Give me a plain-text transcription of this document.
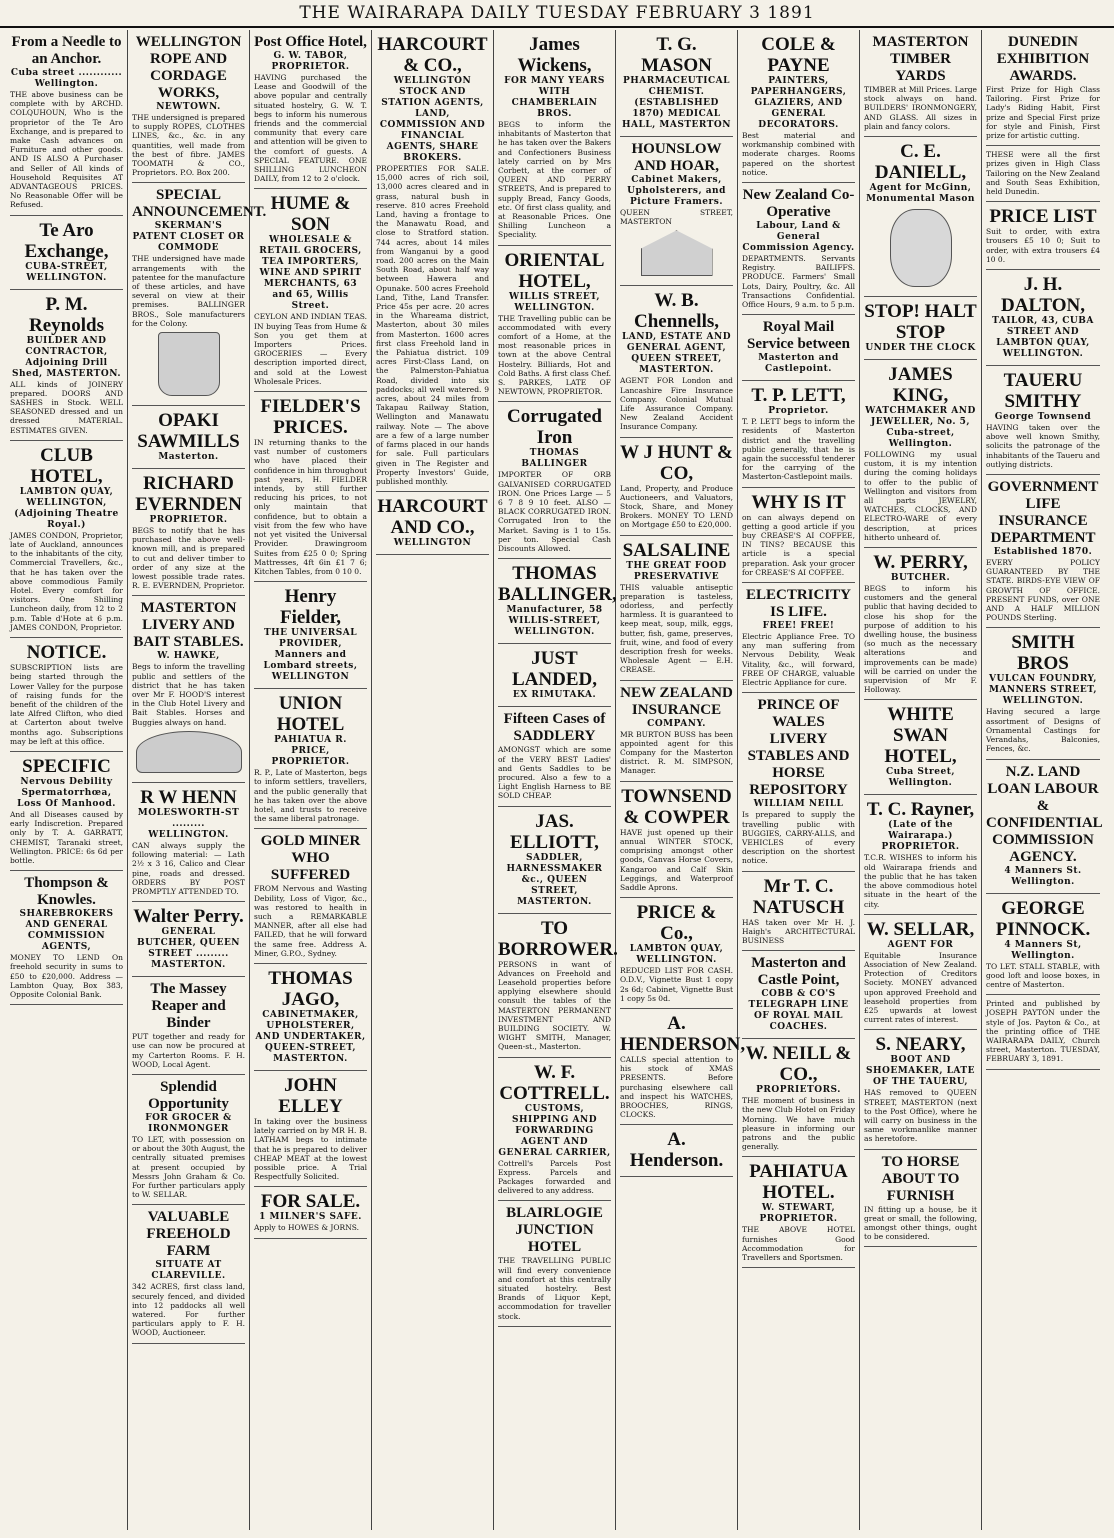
THE WAIRARAPA DAILY TUESDAY FEBRUARY 3 1891
From a Needle to an Anchor.
Cuba street ............ Wellington.
THE above business can be complete with by ARCHD. COLQUHOUN, Who is the proprietor of the Te Aro Exchange, and is prepared to make Cash advances on Furniture and other goods. AND IS ALSO A Purchaser and Seller of All kinds of Household Requisites AT ADVANTAGEOUS PRICES. No Reasonable Offer will be Refused.
Te Aro Exchange,
CUBA-STREET, WELLINGTON.
P. M. Reynolds
BUILDER AND CONTRACTOR, Adjoining Drill Shed, MASTERTON.
ALL kinds of JOINERY prepared. DOORS AND SASHES in Stock. WELL SEASONED dressed and un dressed MATERIAL. ESTIMATES GIVEN.
CLUB HOTEL,
LAMBTON QUAY, WELLINGTON, (Adjoining Theatre Royal.)
JAMES CONDON, Proprietor, late of Auckland, announces to the inhabitants of the city, Commercial Travellers, &c., that he has taken over the above commodious Family Hotel. Every comfort for visitors. One Shilling Luncheon daily, from 12 to 2 p.m. Table d'Hote at 6 p.m. JAMES CONDON, Proprietor.
NOTICE.
SUBSCRIPTION lists are being started through the Lower Valley for the purpose of raising funds for the benefit of the children of the late Alfred Clifton, who died at Carterton about twelve months ago. Subscriptions may be left at this office.
SPECIFIC
Nervous Debility Spermatorrhœa, Loss Of Manhood.
And all Diseases caused by early Indiscretion. Prepared only by T. A. GARRATT, CHEMIST, Taranaki street, Wellington. PRICE: 6s 6d per bottle.
Thompson & Knowles.
SHAREBROKERS AND GENERAL COMMISSION AGENTS,
MONEY TO LEND On freehold security in sums to £50 to £20,000. Address — Lambton Quay, Box 383, Opposite Colonial Bank.
WELLINGTON ROPE AND CORDAGE WORKS,
NEWTOWN.
THE undersigned is prepared to supply ROPES, CLOTHES LINES, &c., &c. in any quantities, well made from the best of fibre. JAMES TOOMATH & CO., Proprietors. P.O. Box 200.
SPECIAL ANNOUNCEMENT.
SKERMAN'S PATENT CLOSET OR COMMODE
THE undersigned have made arrangements with the patentee for the manufacture of these articles, and have several on view at their premises. BALLINGER BROS., Sole manufacturers for the Colony.
OPAKI SAWMILLS
Masterton.
RICHARD EVERNDEN
PROPRIETOR.
BEGS to notify that he has purchased the above well-known mill, and is prepared to cut and deliver timber to order of any size at the lowest possible trade rates. R. E. EVERNDEN, Proprietor.
MASTERTON LIVERY AND BAIT STABLES.
W. HAWKE,
Begs to inform the travelling public and settlers of the district that he has taken over Mr F. HOOD'S interest in the Club Hotel Livery and Bait Stables. Horses and Buggies always on hand.
R W HENN
MOLESWORTH-ST ......... WELLINGTON.
CAN always supply the following material: — Lath 2½ x 3 16, Calico and Clear pine, roads and dressed. ORDERS BY POST PROMPTLY ATTENDED TO.
Walter Perry.
GENERAL BUTCHER, QUEEN STREET ......... MASTERTON.
The Massey Reaper and Binder
PUT together and ready for use can now be procured at my Carterton Rooms. F. H. WOOD, Local Agent.
Splendid Opportunity
FOR GROCER & IRONMONGER
TO LET, with possession on or about the 30th August, the centrally situated premises at present occupied by Messrs John Graham & Co. For further particulars apply to W. SELLAR.
VALUABLE FREEHOLD FARM
SITUATE AT CLAREVILLE.
342 ACRES, first class land, securely fenced, and divided into 12 paddocks all well watered. For further particulars apply to F. H. WOOD, Auctioneer.
Post Office Hotel,
G. W. TABOR, PROPRIETOR.
HAVING purchased the Lease and Goodwill of the above popular and centrally situated hostelry, G. W. T. begs to inform his numerous friends and the commercial community that every care and attention will be given to the comfort of guests. A SPECIAL FEATURE. ONE SHILLING LUNCHEON DAILY, from 12 to 2 o'clock.
HUME & SON
WHOLESALE & RETAIL GROCERS, TEA IMPORTERS, WINE AND SPIRIT MERCHANTS, 63 and 65, Willis Street.
CEYLON AND INDIAN TEAS. IN buying Teas from Hume & Son you get them at Importers Prices. GROCERIES — Every description imported direct, and sold at the Lowest Wholesale Prices.
FIELDER'S PRICES.
IN returning thanks to the vast number of customers who have placed their confidence in him throughout past years, H. FIELDER intends, by still further reducing his prices, to not only maintain that confidence, but to obtain a visit from the few who have not yet visited the Universal Provider. Drawingroom Suites from £25 0 0; Spring Mattresses, 4ft 6in £1 7 6; Kitchen Tables, from 0 10 0.
Henry Fielder,
THE UNIVERSAL PROVIDER, Manners and Lombard streets, WELLINGTON
UNION HOTEL
PAHIATUA R. PRICE, PROPRIETOR.
R. P., Late of Masterton, begs to inform settlers, travellers, and the public generally that he has taken over the above hotel, and trusts to receive the same liberal patronage.
GOLD MINER WHO SUFFERED
FROM Nervous and Wasting Debility, Loss of Vigor, &c., was restored to health in such a REMARKABLE MANNER, after all else had FAILED, that he will forward the same free. Address A. Miner, G.P.O., Sydney.
THOMAS JAGO,
CABINETMAKER, UPHOLSTERER, AND UNDERTAKER, QUEEN-STREET, MASTERTON.
JOHN ELLEY
In taking over the business lately carried on by MR H. B. LATHAM begs to intimate that he is prepared to deliver CHEAP MEAT at the lowest possible price. A Trial Respectfully Solicited.
FOR SALE.
1 MILNER'S SAFE.
Apply to HOWES & JORNS.
HARCOURT & CO.,
WELLINGTON STOCK AND STATION AGENTS, LAND, COMMISSION AND FINANCIAL AGENTS, SHARE BROKERS.
PROPERTIES FOR SALE. 15,000 acres of rich soil, 13,000 acres cleared and in grass, natural bush in reserve. 810 acres Freehold Land, having a frontage to the Manawatu Road, and close to Stratford station. 744 acres, about 14 miles from Wanganui by a good road. 200 acres on the Main South Road, about half way between Hawera and Opunake. 500 acres Freehold Land, Tithe, Land Transfer. Price 45s per acre. 20 acres in the Whareama district, Masterton, about 30 miles from Masterton. 1600 acres first class Freehold land in the Pahiatua district. 109 acres First-Class Land, on the Palmerston-Pahiatua Road, divided into six paddocks; all well watered. 9 acres, about 24 miles from Takapau Railway Station, Wellington and Manawatu railway. Note — The above are a few of a large number of farms placed in our hands for sale. Full particulars given in The Register and Property Investors' Guide, published monthly.
HARCOURT AND CO.,
WELLINGTON
James Wickens,
FOR MANY YEARS WITH CHAMBERLAIN BROS.
BEGS to inform the inhabitants of Masterton that he has taken over the Bakers and Confectioners Business lately carried on by Mrs Corbett, at the corner of QUEEN AND PERRY STREETS, And is prepared to supply Bread, Fancy Goods, etc. Of first class quality, and at Reasonable Prices. One Shilling Luncheon a Speciality.
ORIENTAL HOTEL,
WILLIS STREET, WELLINGTON.
THE Travelling public can be accommodated with every comfort of a Home, at the most reasonable prices in town at the above Central Hostelry. Billiards, Hot and Cold Baths. A first class Chef. S. PARKES, LATE OF NEWTOWN, PROPRIETOR.
Corrugated Iron
THOMAS BALLINGER
IMPORTER OF ORB GALVANISED CORRUGATED IRON. One Prices Large — 5 6 7 8 9 10 feet. ALSO — BLACK CORRUGATED IRON. Corrugated Iron to the Market. Saving is 1 to 15s. per ton. Special Cash Discounts Allowed.
THOMAS BALLINGER,
Manufacturer, 58 WILLIS-STREET, WELLINGTON.
JUST LANDED,
EX RIMUTAKA.
Fifteen Cases of SADDLERY
AMONGST which are some of the VERY BEST Ladies' and Gents Saddles to be procured. Also a few to a Light English Harness to BE SOLD CHEAP.
JAS. ELLIOTT,
SADDLER, HARNESSMAKER &c., QUEEN STREET, MASTERTON.
TO BORROWER.
PERSONS in want of Advances on Freehold and Leasehold properties before applying elsewhere should consult the tables of the MASTERTON PERMANENT INVESTMENT AND BUILDING SOCIETY. W. WIGHT SMITH, Manager, Queen-st., Masterton.
W. F. COTTRELL.
CUSTOMS, SHIPPING AND FORWARDING AGENT AND GENERAL CARRIER,
Cottrell's Parcels Post Express. Parcels and Packages forwarded and delivered to any address.
BLAIRLOGIE JUNCTION HOTEL
THE TRAVELLING PUBLIC will find every convenience and comfort at this centrally situated hostelry. Best Brands of Liquor Kept, accommodation for traveller stock.
T. G. MASON
PHARMACEUTICAL CHEMIST. (ESTABLISHED 1870) MEDICAL HALL, MASTERTON
HOUNSLOW AND HOAR,
Cabinet Makers, Upholsterers, and Picture Framers.
QUEEN STREET, MASTERTON
W. B. Chennells,
LAND, ESTATE AND GENERAL AGENT, QUEEN STREET, MASTERTON.
AGENT FOR London and Lancashire Fire Insurance Company. Colonial Mutual Life Assurance Company. New Zealand Accident Insurance Company.
W J HUNT & CO,
Land, Property, and Produce Auctioneers, and Valuators, Stock, Share, and Money Brokers. MONEY TO LEND on Mortgage £50 to £20,000.
SALSALINE
THE GREAT FOOD PRESERVATIVE
THIS valuable antiseptic preparation is tasteless, odorless, and perfectly harmless. It is guaranteed to keep meat, soup, milk, eggs, butter, fish, game, preserves, fruit, wine, and food of every description fresh for weeks. Wholesale Agent — E.H. CREASE.
NEW ZEALAND INSURANCE
COMPANY.
MR BURTON BUSS has been appointed agent for this Company for the Masterton district. R. M. SIMPSON, Manager.
TOWNSEND & COWPER
HAVE just opened up their annual WINTER STOCK, comprising amongst other goods, Canvas Horse Covers, Kangaroo and Calf Skin Leggings, and Waterproof Saddle Aprons.
PRICE & Co.,
LAMBTON QUAY, WELLINGTON.
REDUCED LIST FOR CASH. O.D.V., Vignette Bust 1 copy 2s 6d; Cabinet, Vignette Bust 1 copy 5s 0d.
A. HENDERSON,
CALLS special attention to his stock of XMAS PRESENTS. Before purchasing elsewhere call and inspect his WATCHES, BROOCHES, RINGS, CLOCKS.
A. Henderson.
COLE & PAYNE
PAINTERS, PAPERHANGERS, GLAZIERS, AND GENERAL DECORATORS.
Best material and workmanship combined with moderate charges. Rooms papered on the shortest notice.
New Zealand Co-Operative
Labour, Land & General Commission Agency.
DEPARTMENTS. Servants Registry. BAILIFFS. PRODUCE. Farmers' Small Lots, Dairy, Poultry, &c. All Transactions Confidential. Office Hours, 9 a.m. to 5 p.m.
Royal Mail Service between
Masterton and Castlepoint.
T. P. LETT,
Proprietor.
T. P. LETT begs to inform the residents of Masterton district and the travelling public generally, that he is again the successful tenderer for the carrying of the Masterton-Castlepoint mails.
WHY IS IT
on can always depend on getting a good article if you buy CREASE'S AI COFFEE, IN TINS? BECAUSE this article is a special preparation. Ask your grocer for CREASE'S AI COFFEE.
ELECTRICITY IS LIFE.
FREE! FREE!
Electric Appliance Free. TO any man suffering from Nervous Debility, Weak Vitality, &c., will forward, FREE OF CHARGE, valuable Electric Appliance for cure.
PRINCE OF WALES LIVERY STABLES AND HORSE REPOSITORY
WILLIAM NEILL
Is prepared to supply the travelling public with BUGGIES, CARRY-ALLS, and VEHICLES of every description on the shortest notice.
Mr T. C. NATUSCH
HAS taken over Mr H. J. Haigh's ARCHITECTURAL BUSINESS
Masterton and Castle Point,
COBB & CO'S TELEGRAPH LINE OF ROYAL MAIL COACHES.
W. NEILL & CO.,
PROPRIETORS.
THE moment of business in the new Club Hotel on Friday Morning. We have much pleasure in informing our patrons and the public generally.
PAHIATUA HOTEL.
W. STEWART, PROPRIETOR.
THE ABOVE HOTEL furnishes Good Accommodation for Travellers and Sportsmen.
MASTERTON TIMBER YARDS
TIMBER at Mill Prices. Large stock always on hand. BUILDERS' IRONMONGERY, AND GLASS. All sizes in plain and fancy colors.
C. E. DANIELL,
Agent for McGinn, Monumental Mason
STOP! HALT STOP
UNDER THE CLOCK
JAMES KING,
WATCHMAKER AND JEWELLER, No. 5, Cuba-street, Wellington.
FOLLOWING my usual custom, it is my intention during the coming holidays to offer to the public of Wellington and visitors from all parts JEWELRY, WATCHES, CLOCKS, AND ELECTRO-WARE of every description, at prices hitherto unheard of.
W. PERRY,
BUTCHER.
BEGS to inform his customers and the general public that having decided to close his shop for the purpose of addition to his dwelling house, the business (so much as the necessary alterations and improvements can be made) will be carried on under the supervision of Mr F. Holloway.
WHITE SWAN HOTEL,
Cuba Street, Wellington.
T. C. Rayner,
(Late of the Wairarapa.) PROPRIETOR.
T.C.R. WISHES to inform his old Wairarapa friends and the public that he has taken the above commodious hotel situate in the heart of the city.
W. SELLAR,
AGENT FOR
Equitable Insurance Association of New Zealand. Protection of Creditors Society. MONEY advanced upon approved Freehold and leasehold properties from £25 upwards at lowest current rates of interest.
S. NEARY,
BOOT AND SHOEMAKER, LATE OF THE TAUERU,
HAS removed to QUEEN STREET, MASTERTON (next to the Post Office), where he will carry on business in the same workmanlike manner as heretofore.
TO HORSE ABOUT TO FURNISH
IN fitting up a house, be it great or small, the following, amongst other things, ought to be considered.
DUNEDIN EXHIBITION AWARDS.
First Prize for High Class Tailoring. First Prize for Lady's Riding Habit, First prize and Special First prize for style and Finish, First prize for artistic cutting.
THESE were all the first prizes given in High Class Tailoring on the New Zealand and South Seas Exhibition, held Dunedin.
PRICE LIST
Suit to order, with extra trousers £5 10 0; Suit to order, with extra trousers £4 10 0.
J. H. DALTON,
TAILOR, 43, CUBA STREET AND LAMBTON QUAY, WELLINGTON.
TAUERU SMITHY
George Townsend
HAVING taken over the above well known Smithy, solicits the patronage of the inhabitants of the Taueru and outlying districts.
GOVERNMENT LIFE INSURANCE DEPARTMENT
Established 1870.
EVERY POLICY GUARANTEED BY THE STATE. BIRDS-EYE VIEW OF GROWTH OF OFFICE. PRESENT FUNDS, over ONE AND A HALF MILLION POUNDS Sterling.
SMITH BROS
VULCAN FOUNDRY, MANNERS STREET, WELLINGTON.
Having secured a large assortment of Designs of Ornamental Castings for Verandahs, Balconies, Fences, &c.
N.Z. LAND LOAN LABOUR & CONFIDENTIAL COMMISSION AGENCY.
4 Manners St. Wellington.
GEORGE PINNOCK.
4 Manners St, Wellington.
TO LET. STALL STABLE, with good loft and loose boxes, in centre of Masterton.
Printed and published by JOSEPH PAYTON under the style of Jos. Payton & Co., at the printing office of THE WAIRARAPA DAILY, Church street, Masterton. TUESDAY, FEBRUARY 3, 1891.
